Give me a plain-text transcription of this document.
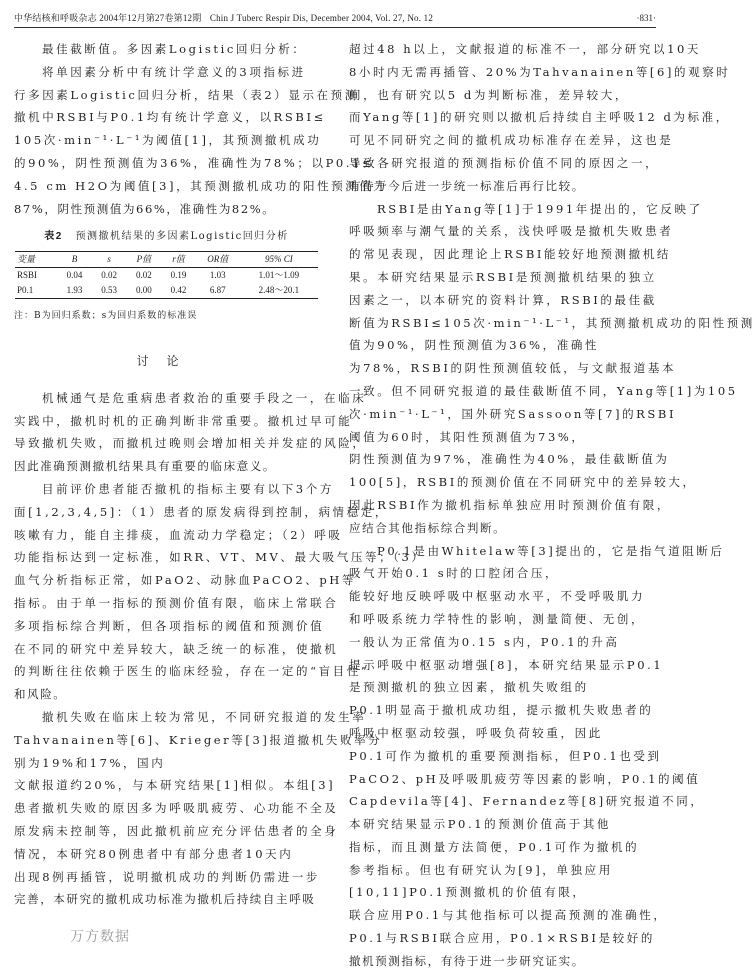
中华结核和呼吸杂志 2004年12月第27卷第12期 Chin J Tuberc Respir Dis, December 2004, Vol. 27, No. 12	·831·
最佳截断值。多因素Logistic回归分析：
将单因素分析中有统计学意义的3项指标进
行多因素Logistic回归分析，结果（表2）显示在预测
撤机中RSBI与P0.1均有统计学意义，以RSBI≤
105次·min⁻¹·L⁻¹为阈值[1]，其预测撤机成功
的90%，阴性预测值为36%，准确性为78%；以P0.1≤
4.5 cm H2O为阈值[3]，其预测撤机成功的阳性预测值为
87%，阴性预测值为66%，准确性为82%。
表2 预测撤机结果的多因素Logistic回归分析
变量	B	s	P值	r值	OR值	95% CI
RSBI	0.04	0.02	0.02	0.19	1.03	1.01～1.09
P0.1	1.93	0.53	0.00	0.42	6.87	2.48～20.1
注：B为回归系数；s为回归系数的标准误
讨论
机械通气是危重病患者救治的重要手段之一，在临床
实践中，撤机时机的正确判断非常重要。撤机过早可能
导致撤机失败，而撤机过晚则会增加相关并发症的风险，
因此准确预测撤机结果具有重要的临床意义。
目前评价患者能否撤机的指标主要有以下3个方
面[1,2,3,4,5]：（1）患者的原发病得到控制，病情稳定，
咳嗽有力，能自主排痰，血流动力学稳定；（2）呼吸
功能指标达到一定标准，如RR、VT、MV、最大吸气压等；（3）
血气分析指标正常，如PaO2、动脉血PaCO2、pH等
指标。由于单一指标的预测价值有限，临床上常联合
多项指标综合判断，但各项指标的阈值和预测价值
在不同的研究中差异较大，缺乏统一的标准，使撤机
的判断往往依赖于医生的临床经验，存在一定的“盲目性”
和风险。
撤机失败在临床上较为常见，不同研究报道的发生率
Tahvanainen等[6]、Krieger等[3]报道撤机失败率分
别为19%和17%，国内
文献报道约20%，与本研究结果[1]相似。本组[3]
患者撤机失败的原因多为呼吸肌疲劳、心功能不全及
原发病未控制等，因此撤机前应充分评估患者的全身
情况，本研究80例患者中有部分患者10天内
出现8例再插管，说明撤机成功的判断仍需进一步
完善，本研究的撤机成功标准为撤机后持续自主呼吸
超过48 h以上，文献报道的标准不一，部分研究以10天
8小时内无需再插管、20%为Tahvanainen等[6]的观察时
间，也有研究以5 d为判断标准，差异较大，
而Yang等[1]的研究则以撤机后持续自主呼吸12 d为标准，
可见不同研究之间的撤机成功标准存在差异，这也是
导致各研究报道的预测指标价值不同的原因之一，
有待于今后进一步统一标准后再行比较。
RSBI是由Yang等[1]于1991年提出的，它反映了
呼吸频率与潮气量的关系，浅快呼吸是撤机失败患者
的常见表现，因此理论上RSBI能较好地预测撤机结
果。本研究结果显示RSBI是预测撤机结果的独立
因素之一，以本研究的资料计算，RSBI的最佳截
断值为RSBI≤105次·min⁻¹·L⁻¹，其预测撤机成功的阳性预测
值为90%，阴性预测值为36%，准确性
为78%，RSBI的阴性预测值较低，与文献报道基本
一致。但不同研究报道的最佳截断值不同，Yang等[1]为105
次·min⁻¹·L⁻¹，国外研究Sassoon等[7]的RSBI
阈值为60时，其阳性预测值为73%，
阴性预测值为97%，准确性为40%，最佳截断值为
100[5]，RSBI的预测价值在不同研究中的差异较大，
因此RSBI作为撤机指标单独应用时预测价值有限，
应结合其他指标综合判断。
P0.1是由Whitelaw等[3]提出的，它是指气道阻断后
吸气开始0.1 s时的口腔闭合压，
能较好地反映呼吸中枢驱动水平，不受呼吸肌力
和呼吸系统力学特性的影响，测量简便、无创，
一般认为正常值为0.15 s内，P0.1的升高
提示呼吸中枢驱动增强[8]，本研究结果显示P0.1
是预测撤机的独立因素，撤机失败组的
P0.1明显高于撤机成功组，提示撤机失败患者的
呼吸中枢驱动较强，呼吸负荷较重，因此
P0.1可作为撤机的重要预测指标，但P0.1也受到
PaCO2、pH及呼吸肌疲劳等因素的影响，P0.1的阈值
Capdevila等[4]、Fernandez等[8]研究报道不同，
本研究结果显示P0.1的预测价值高于其他
指标，而且测量方法简便，P0.1可作为撤机的
参考指标。但也有研究认为[9]，单独应用
[10,11]P0.1预测撤机的价值有限，
联合应用P0.1与其他指标可以提高预测的准确性，
P0.1与RSBI联合应用，P0.1×RSBI是较好的
撤机预测指标，有待于进一步研究证实。
万方数据
